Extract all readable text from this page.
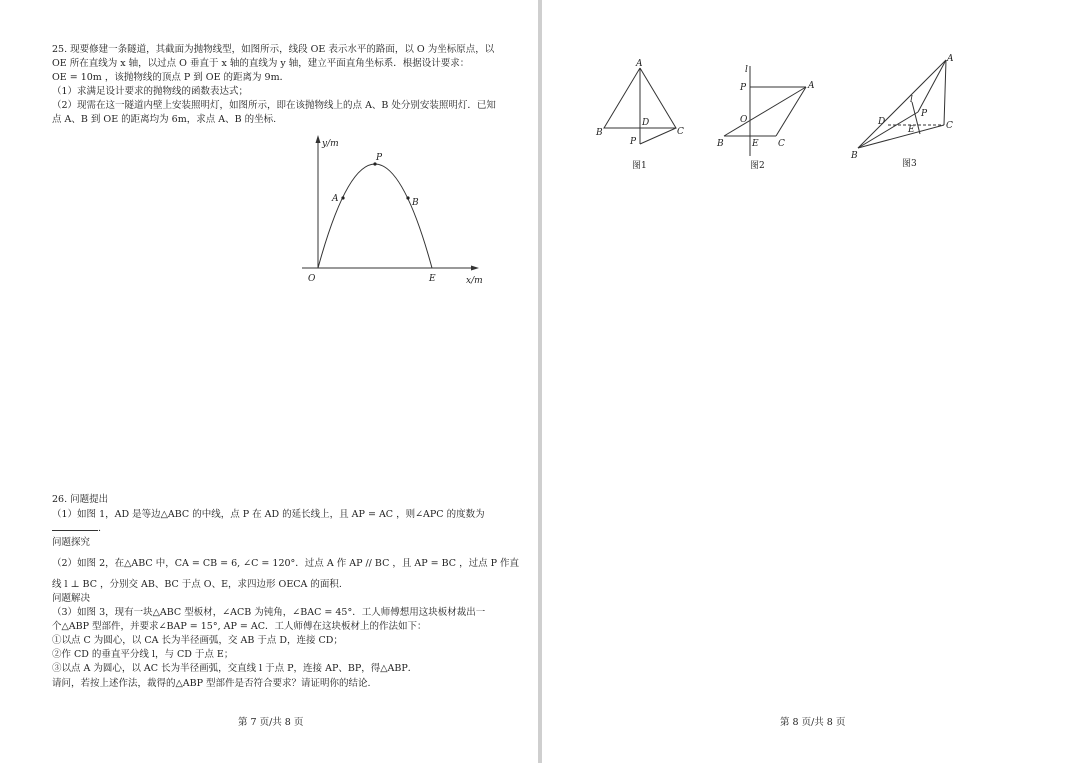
25. 现要修建一条隧道，其截面为抛物线型，如图所示，线段 OE 表示水平的路面，以 O 为坐标原点，以
OE 所在直线为 x 轴，以过点 O 垂直于 x 轴的直线为 y 轴，建立平面直角坐标系．根据设计要求：
OE = 10m ，该抛物线的顶点 P 到 OE 的距离为 9m．
（1）求满足设计要求的抛物线的函数表达式；
（2）现需在这一隧道内壁上安装照明灯，如图所示，即在该抛物线上的点 A、B 处分别安装照明灯．已知
点 A、B 到 OE 的距离均为 6m，求点 A、B 的坐标.
y/m
x/m
O
P
A	B
E
26. 问题提出
（1）如图 1，AD 是等边△ABC 的中线，点 P 在 AD 的延长线上，且 AP = AC ，则∠APC 的度数为
.
问题探究
（2）如图 2，在△ABC 中，CA = CB = 6, ∠C = 120°．过点 A 作 AP // BC ，且 AP = BC ，过点 P 作直
线 l ⊥ BC ，分别交 AB、BC 于点 O、E，求四边形 OECA 的面积.
问题解决
（3）如图 3，现有一块△ABC 型板材，∠ACB 为钝角，∠BAC = 45°．工人师傅想用这块板材裁出一
个△ABP 型部件，并要求∠BAP = 15°, AP = AC．工人师傅在这块板材上的作法如下：
①以点 C 为圆心，以 CA 长为半径画弧，交 AB 于点 D，连接 CD；
②作 CD 的垂直平分线 l，与 CD 于点 E；
③以点 A 为圆心，以 AC 长为半径画弧，交直线 l 于点 P，连接 AP、BP，得△ABP．
请问，若按上述作法，裁得的△ABP 型部件是否符合要求？请证明你的结论.
第 7 页/共 8 页
A
B	C
D
P
图1
l
P	A
O
B	E C
图2
A
l
P
D
E	C
B
图3
第 8 页/共 8 页
